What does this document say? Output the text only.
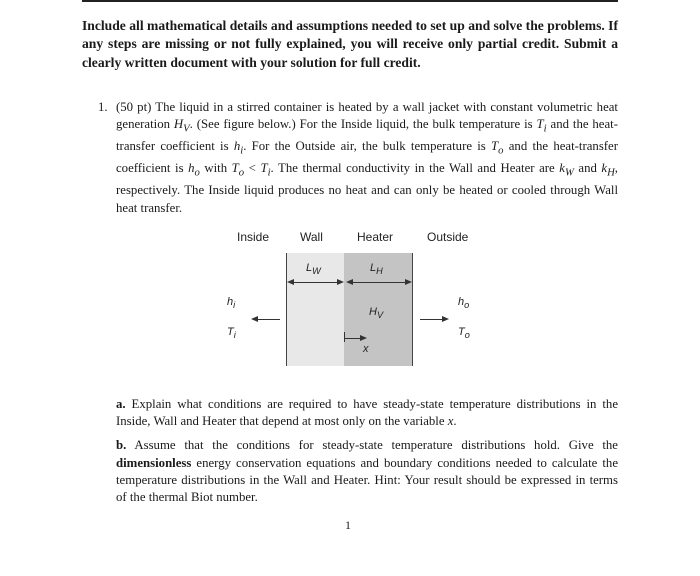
Include all mathematical details and assumptions needed to set up and solve the problems. If any steps are missing or not fully explained, you will receive only partial credit. Submit a clearly written document with your solution for full credit.
1. (50 pt) The liquid in a stirred container is heated by a wall jacket with constant volumetric heat generation $H_V$. (See figure below.) For the Inside liquid, the bulk temperature is $T_i$ and the heat-transfer coefficient is $h_i$. For the Outside air, the bulk temperature is $T_o$ and the heat-transfer coefficient is $h_o$ with $T_o < T_i$. The thermal conductivity in the Wall and Heater are $k_W$ and $k_H$, respectively. The Inside liquid produces no heat and can only be heated or cooled through Wall heat transfer.
Inside	Wall	Heater	Outside
$L_W$	$L_H$
$h_i$
$T_i$
$H_V$
x
$h_o$
$T_o$

a. Explain what conditions are required to have steady-state temperature distributions in the Inside, Wall and Heater that depend at most only on the variable x.

b. Assume that the conditions for steady-state temperature distributions hold. Give the dimensionless energy conservation equations and boundary conditions needed to calculate the temperature distributions in the Wall and Heater. Hint: Your result should be expressed in terms of the thermal Biot number.

1
